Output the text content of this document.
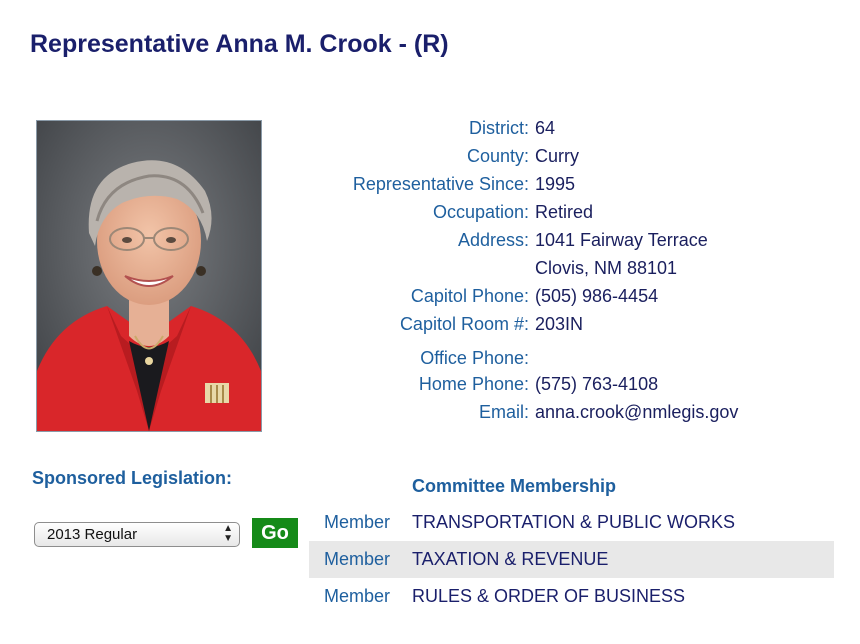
Representative Anna M. Crook - (R)
District:	64
County:	Curry
Representative Since:	1995
Occupation:	Retired
Address:	1041 Fairway Terrace
	Clovis, NM 88101
Capitol Phone:	(505) 986-4454
Capitol Room #:	203IN
Office Phone:	
Home Phone:	(575) 763-4108
Email:	anna.crook@nmlegis.gov
Sponsored Legislation:
2013 Regular	▲
▼	Go
Committee Membership
Member	TRANSPORTATION & PUBLIC WORKS
Member	TAXATION & REVENUE
Member	RULES & ORDER OF BUSINESS
